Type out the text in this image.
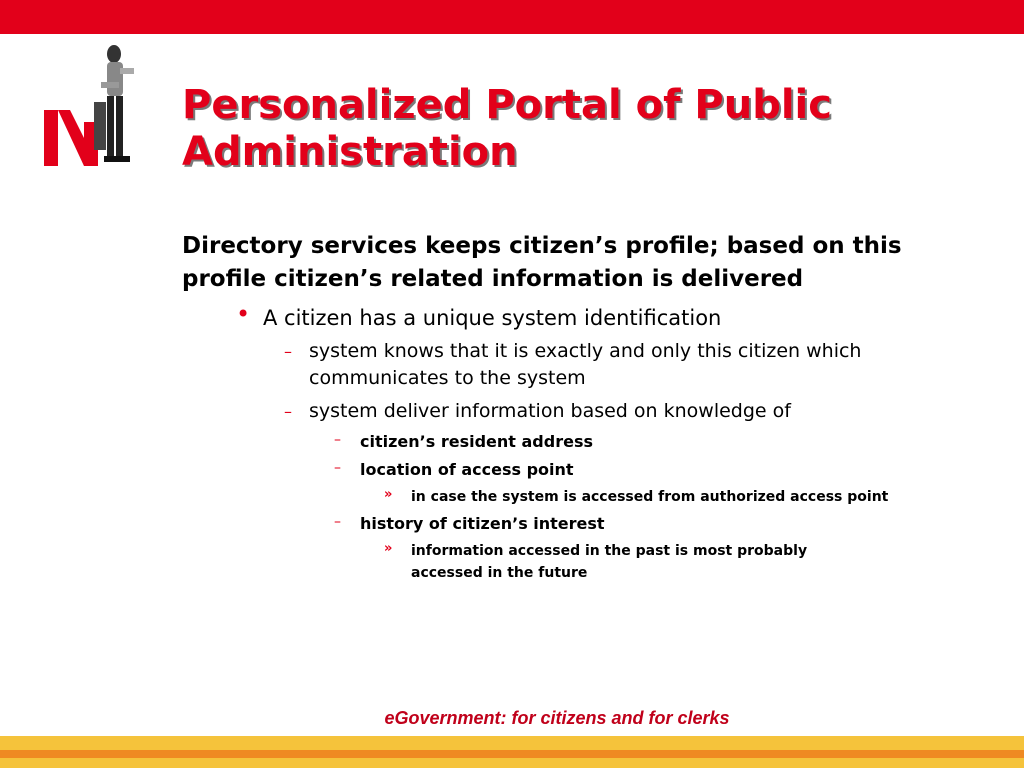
Personalized Portal of Public Administration
Directory services keeps citizen’s profile; based on this profile citizen’s related information is delivered
• A citizen has a unique system identification
– system knows that it is exactly and only this citizen which communicates to the system
– system deliver information based on knowledge of
– citizen’s resident address
– location of access point
» in case the system is accessed from authorized access point
– history of citizen’s interest
» information accessed in the past is most probably accessed in the future
eGovernment: for citizens and for clerks
